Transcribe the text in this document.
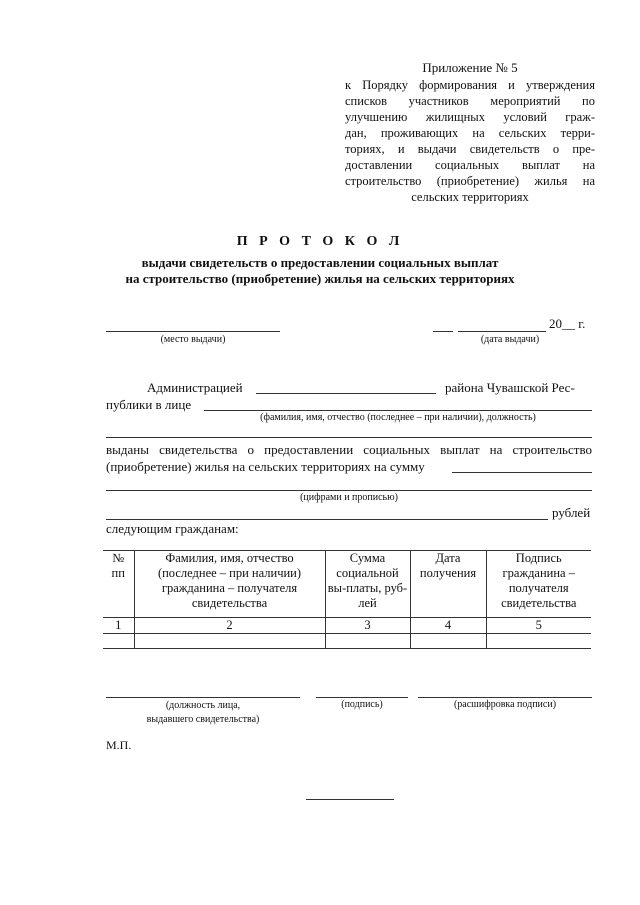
Приложение № 5
к Порядку формирования и утверждения
списков участников мероприятий по
улучшению жилищных условий граж-
дан, проживающих на сельских терри-
ториях, и выдачи свидетельств о пре-
доставлении социальных выплат на
строительство (приобретение) жилья на
сельских территориях
П Р О Т О К О Л
выдачи свидетельств о предоставлении социальных выплат
на строительство (приобретение) жилья на сельских территориях
(место выдачи)
20__ г.
(дата выдачи)
Администрацией	района Чувашской Рес-
публики в лице
(фамилия, имя, отчество (последнее – при наличии), должность)
выданы свидетельства о предоставлении социальных выплат на строительство
(приобретение) жилья на сельских территориях на сумму
(цифрами и прописью)
рублей
следующим гражданам:
№ пп	Фамилия, имя, отчество (последнее – при наличии) гражданина – получателя свидетельства	Сумма социальной вы-платы, руб-лей	Дата получения	Подпись гражданина – получателя свидетельства
1	2	3	4	5

(должность лица,
выдавшего свидетельства)
(подпись)	(расшифровка подписи)
М.П.
